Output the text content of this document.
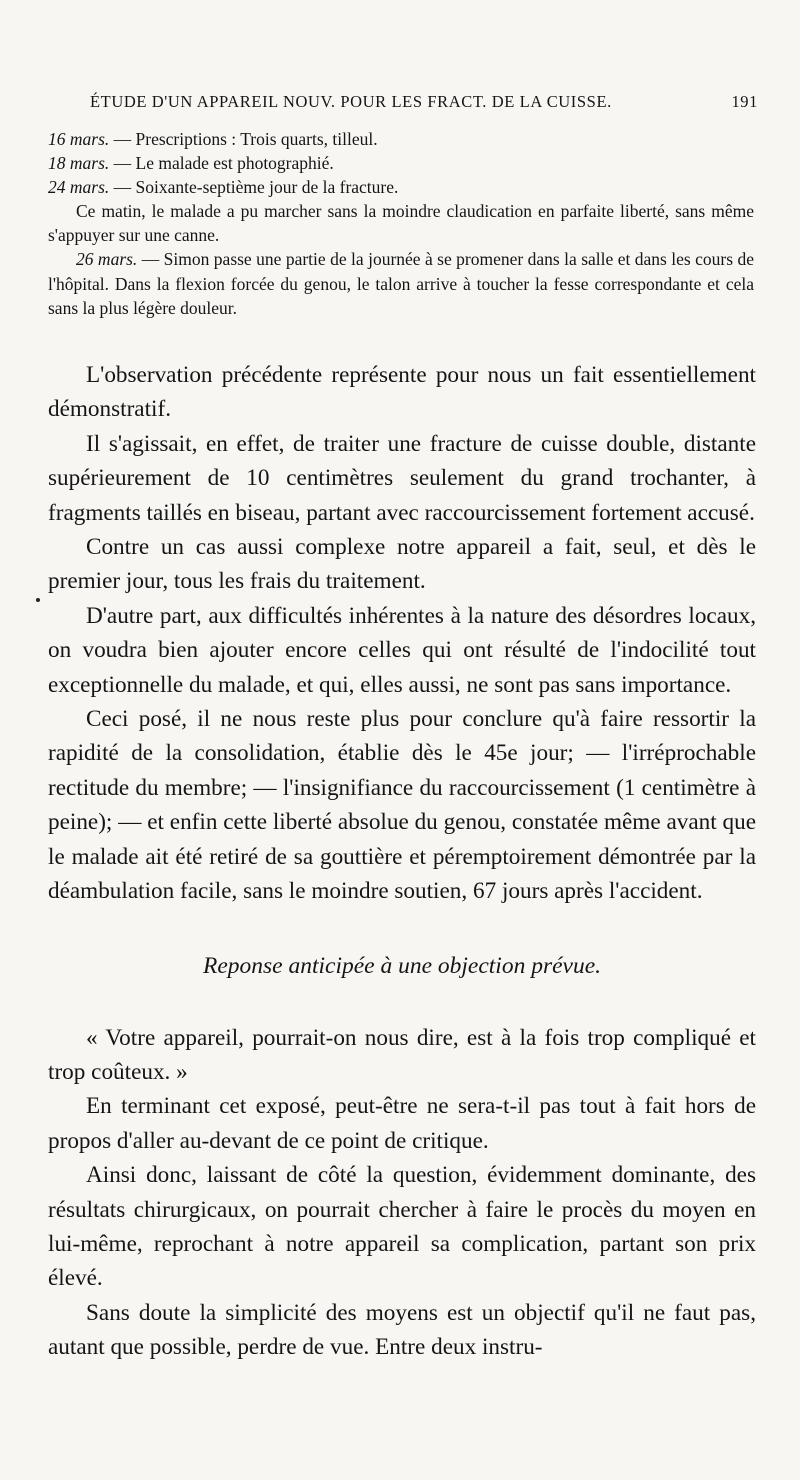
ÉTUDE D'UN APPAREIL NOUV. POUR LES FRACT. DE LA CUISSE.	191

16 mars. — Prescriptions : Trois quarts, tilleul.

18 mars. — Le malade est photographié.

24 mars. — Soixante-septième jour de la fracture.

Ce matin, le malade a pu marcher sans la moindre claudication en parfaite liberté, sans même s'appuyer sur une canne.

26 mars. — Simon passe une partie de la journée à se promener dans la salle et dans les cours de l'hôpital. Dans la flexion forcée du genou, le talon arrive à toucher la fesse correspondante et cela sans la plus légère douleur.

L'observation précédente représente pour nous un fait essentiellement démonstratif.

Il s'agissait, en effet, de traiter une fracture de cuisse double, distante supérieurement de 10 centimètres seulement du grand trochanter, à fragments taillés en biseau, partant avec raccourcissement fortement accusé.

Contre un cas aussi complexe notre appareil a fait, seul, et dès le premier jour, tous les frais du traitement.

D'autre part, aux difficultés inhérentes à la nature des désordres locaux, on voudra bien ajouter encore celles qui ont résulté de l'indocilité tout exceptionnelle du malade, et qui, elles aussi, ne sont pas sans importance.

Ceci posé, il ne nous reste plus pour conclure qu'à faire ressortir la rapidité de la consolidation, établie dès le 45e jour; — l'irréprochable rectitude du membre; — l'insignifiance du raccourcissement (1 centimètre à peine); — et enfin cette liberté absolue du genou, constatée même avant que le malade ait été retiré de sa gouttière et péremptoirement démontrée par la déambulation facile, sans le moindre soutien, 67 jours après l'accident.

Reponse anticipée à une objection prévue.

« Votre appareil, pourrait-on nous dire, est à la fois trop compliqué et trop coûteux. »

En terminant cet exposé, peut-être ne sera-t-il pas tout à fait hors de propos d'aller au-devant de ce point de critique.

Ainsi donc, laissant de côté la question, évidemment dominante, des résultats chirurgicaux, on pourrait chercher à faire le procès du moyen en lui-même, reprochant à notre appareil sa complication, partant son prix élevé.

Sans doute la simplicité des moyens est un objectif qu'il ne faut pas, autant que possible, perdre de vue. Entre deux instru-
